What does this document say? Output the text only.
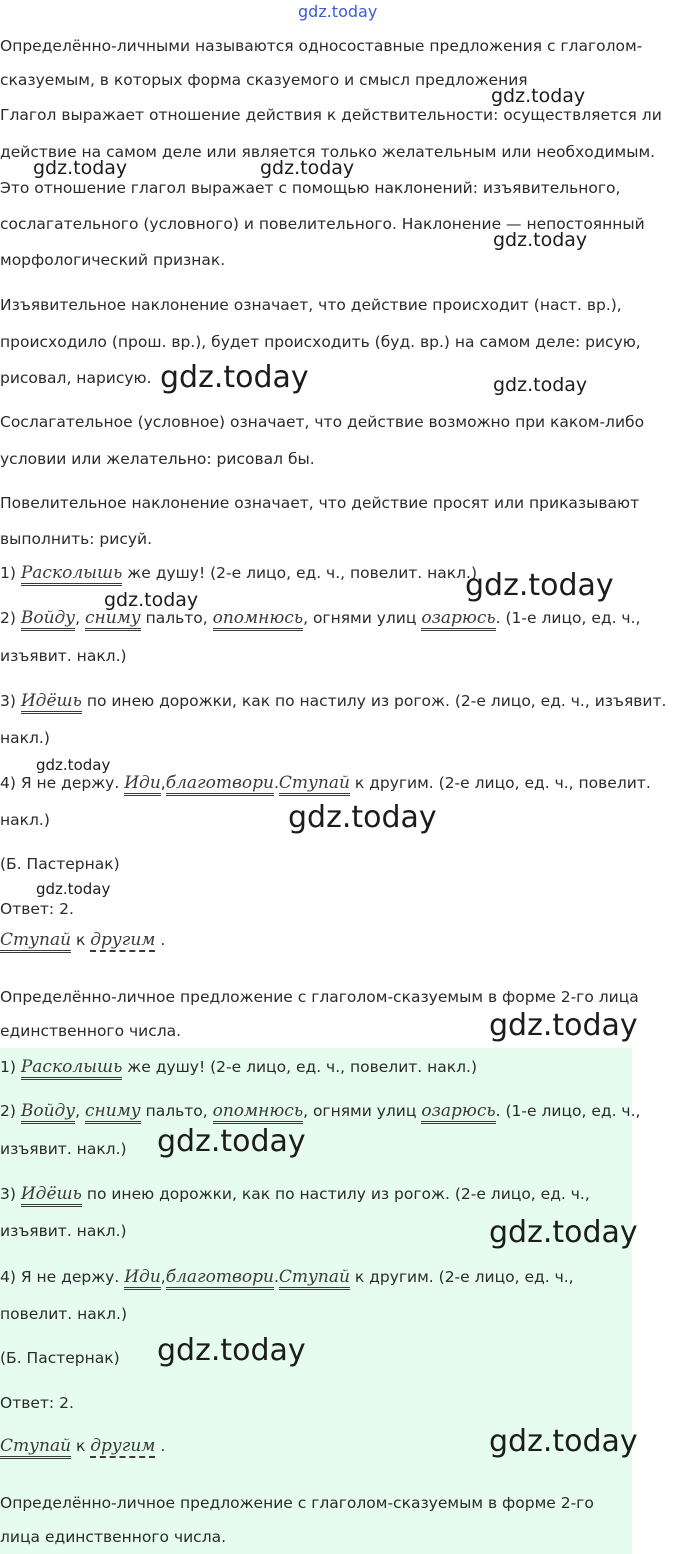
gdz.today
Определённо-личными называются односоставные предложения с глаголом-
сказуемым, в которых форма сказуемого и смысл предложения
Глагол выражает отношение действия к действительности: осуществляется ли
действие на самом деле или является только желательным или необходимым.
Это отношение глагол выражает с помощью наклонений: изъявительного,
сослагательного (условного) и повелительного. Наклонение — непостоянный
морфологический признак.
Изъявительное наклонение означает, что действие происходит (наст. вр.),
происходило (прош. вр.), будет происходить (буд. вр.) на самом деле: рисую,
рисовал, нарисую.
Сослагательное (условное) означает, что действие возможно при каком-либо
условии или желательно: рисовал бы.
Повелительное наклонение означает, что действие просят или приказывают
выполнить: рисуй.
1) Расколышь же душу! (2-е лицо, ед. ч., повелит. накл.)
2) Войду, сниму пальто, опомнюсь, огнями улиц озарюсь. (1-е лицо, ед. ч.,
изъявит. накл.)
3) Идёшь по инею дорожки, как по настилу из рогож. (2-е лицо, ед. ч., изъявит.
накл.)
4) Я не держу. Иди,благотвори.Ступай к другим. (2-е лицо, ед. ч., повелит.
накл.)
(Б. Пастернак)
Ответ: 2.
Ступай к другим .
Определённо-личное предложение с глаголом-сказуемым в форме 2-го лица
единственного числа.
1) Расколышь же душу! (2-е лицо, ед. ч., повелит. накл.)
2) Войду, сниму пальто, опомнюсь, огнями улиц озарюсь. (1-е лицо, ед. ч.,
изъявит. накл.)
3) Идёшь по инею дорожки, как по настилу из рогож. (2-е лицо, ед. ч.,
изъявит. накл.)
4) Я не держу. Иди,благотвори.Ступай к другим. (2-е лицо, ед. ч.,
повелит. накл.)
(Б. Пастернак)
Ответ: 2.
Ступай к другим .
Определённо-личное предложение с глаголом-сказуемым в форме 2-го
лица единственного числа.
gdz.today
gdz.today	gdz.today
gdz.today
gdz.today	gdz.today
gdz.today
gdz.today
gdz.today
gdz.today
gdz.today
gdz.today
gdz.today
gdz.today
gdz.today
gdz.today
